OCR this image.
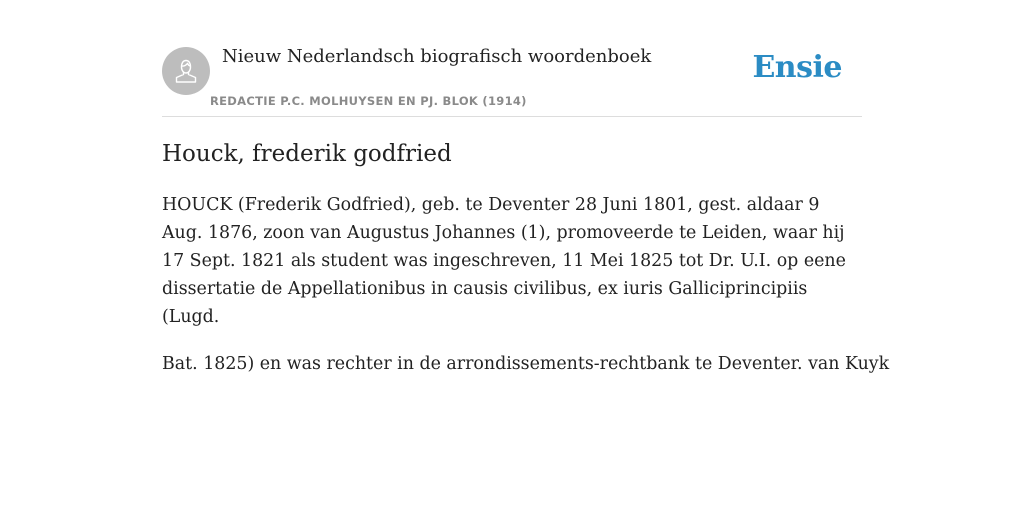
Nieuw Nederlandsch biografisch woordenboek
REDACTIE P.C. MOLHUYSEN EN PJ. BLOK (1914)
Ensie
Houck, frederik godfried

HOUCK (Frederik Godfried), geb. te Deventer 28 Juni 1801, gest. aldaar 9 Aug. 1876, zoon van Augustus Johannes (1), promoveerde te Leiden, waar hij 17 Sept. 1821 als student was ingeschreven, 11 Mei 1825 tot Dr. U.I. op eene dissertatie de Appellationibus in causis civilibus, ex iuris Galliciprincipiis (Lugd.

Bat. 1825) en was rechter in de arrondissements-rechtbank te Deventer. van Kuyk
